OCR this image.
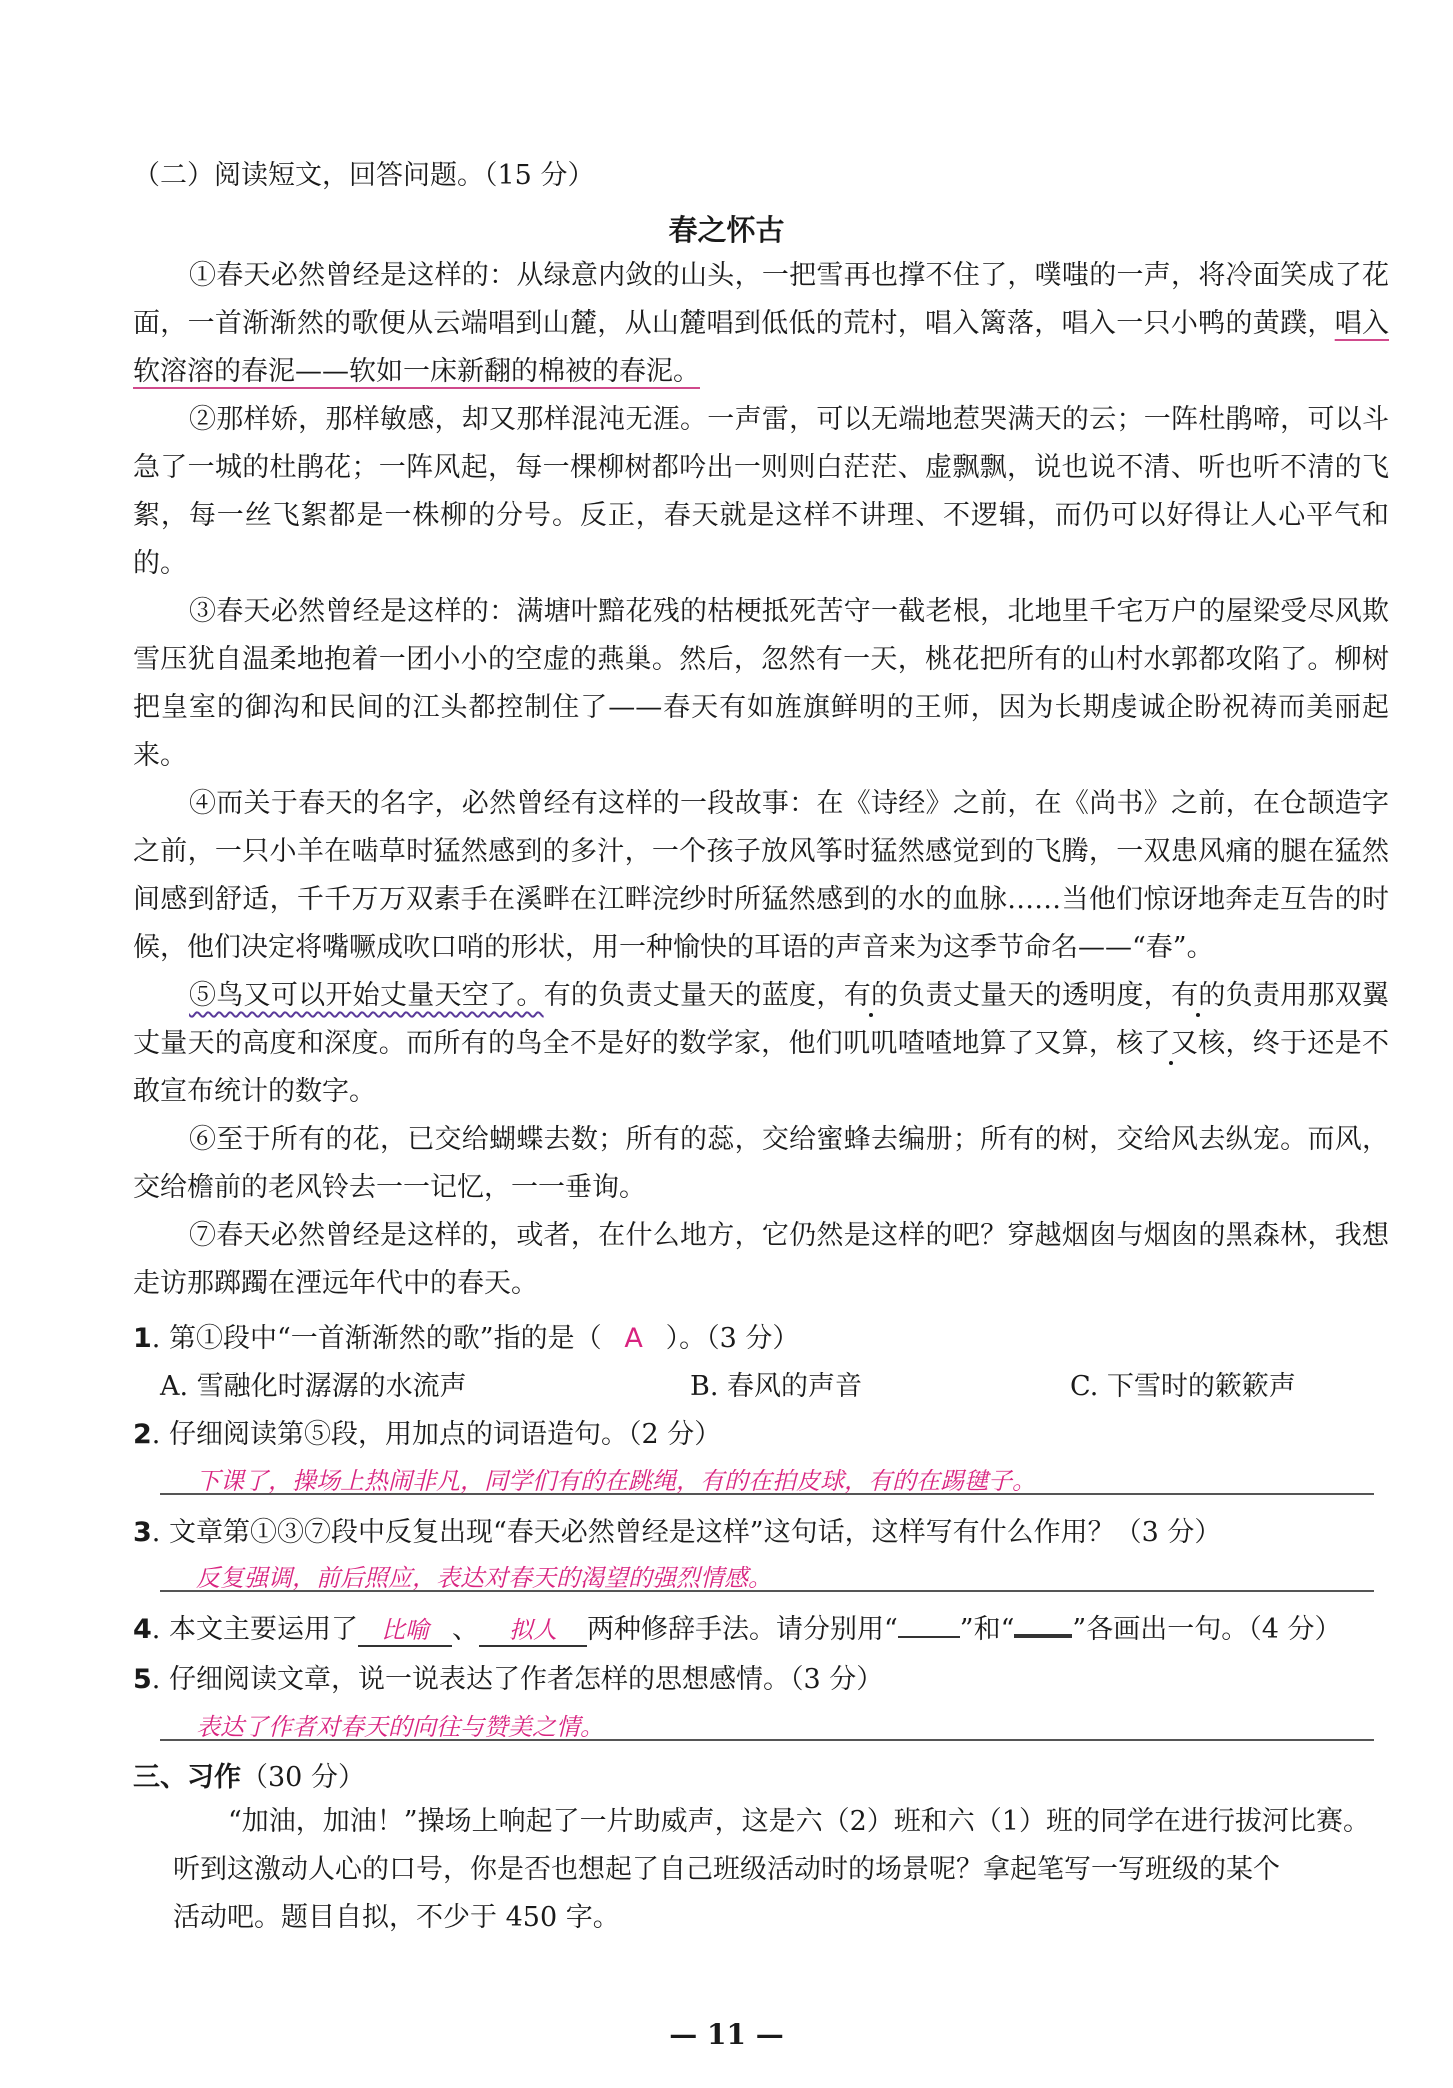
（二）阅读短文，回答问题。（15 分）
春之怀古
①春天必然曾经是这样的：从绿意内敛的山头，一把雪再也撑不住了，噗嗤的一声，将冷面笑成了花面，一首渐渐然的歌便从云端唱到山麓，从山麓唱到低低的荒村，唱入篱落，唱入一只小鸭的黄蹼，唱入软溶溶的春泥——软如一床新翻的棉被的春泥。
②那样娇，那样敏感，却又那样混沌无涯。一声雷，可以无端地惹哭满天的云；一阵杜鹃啼，可以斗急了一城的杜鹃花；一阵风起，每一棵柳树都吟出一则则白茫茫、虚飘飘，说也说不清、听也听不清的飞絮，每一丝飞絮都是一株柳的分号。反正，春天就是这样不讲理、不逻辑，而仍可以好得让人心平气和的。
③春天必然曾经是这样的：满塘叶黯花残的枯梗抵死苦守一截老根，北地里千宅万户的屋梁受尽风欺雪压犹自温柔地抱着一团小小的空虚的燕巢。然后，忽然有一天，桃花把所有的山村水郭都攻陷了。柳树把皇室的御沟和民间的江头都控制住了——春天有如旌旗鲜明的王师，因为长期虔诚企盼祝祷而美丽起来。
④而关于春天的名字，必然曾经有这样的一段故事：在《诗经》之前，在《尚书》之前，在仓颉造字之前，一只小羊在啮草时猛然感到的多汁，一个孩子放风筝时猛然感觉到的飞腾，一双患风痛的腿在猛然间感到舒适，千千万万双素手在溪畔在江畔浣纱时所猛然感到的水的血脉……当他们惊讶地奔走互告的时候，他们决定将嘴噘成吹口哨的形状，用一种愉快的耳语的声音来为这季节命名——“春”。
⑤鸟又可以开始丈量天空了。有的负责丈量天的蓝度，有的负责丈量天的透明度，有的负责用那双翼丈量天的高度和深度。而所有的鸟全不是好的数学家，他们叽叽喳喳地算了又算，核了又核，终于还是不敢宣布统计的数字。
⑥至于所有的花，已交给蝴蝶去数；所有的蕊，交给蜜蜂去编册；所有的树，交给风去纵宠。而风，交给檐前的老风铃去一一记忆，一一垂询。
⑦春天必然曾经是这样的，或者，在什么地方，它仍然是这样的吧？穿越烟囱与烟囱的黑森林，我想走访那踯躅在湮远年代中的春天。
1. 第①段中“一首渐渐然的歌”指的是（ A ）。（3 分）
A. 雪融化时潺潺的水流声	B. 春风的声音	C. 下雪时的簌簌声
2. 仔细阅读第⑤段，用加点的词语造句。（2 分）
下课了，操场上热闹非凡，同学们有的在跳绳，有的在拍皮球，有的在踢毽子。
3. 文章第①③⑦段中反复出现“春天必然曾经是这样”这句话，这样写有什么作用？（3 分）
反复强调，前后照应，表达对春天的渴望的强烈情感。
4. 本文主要运用了 比喻 、 拟人 两种修辞手法。请分别用“ ”和“ ”各画出一句。（4 分）
5. 仔细阅读文章，说一说表达了作者怎样的思想感情。（3 分）
表达了作者对春天的向往与赞美之情。
三、习作（30 分）
“加油，加油！”操场上响起了一片助威声，这是六（2）班和六（1）班的同学在进行拔河比赛。
听到这激动人心的口号，你是否也想起了自己班级活动时的场景呢？拿起笔写一写班级的某个
活动吧。题目自拟，不少于 450 字。
— 11 —
